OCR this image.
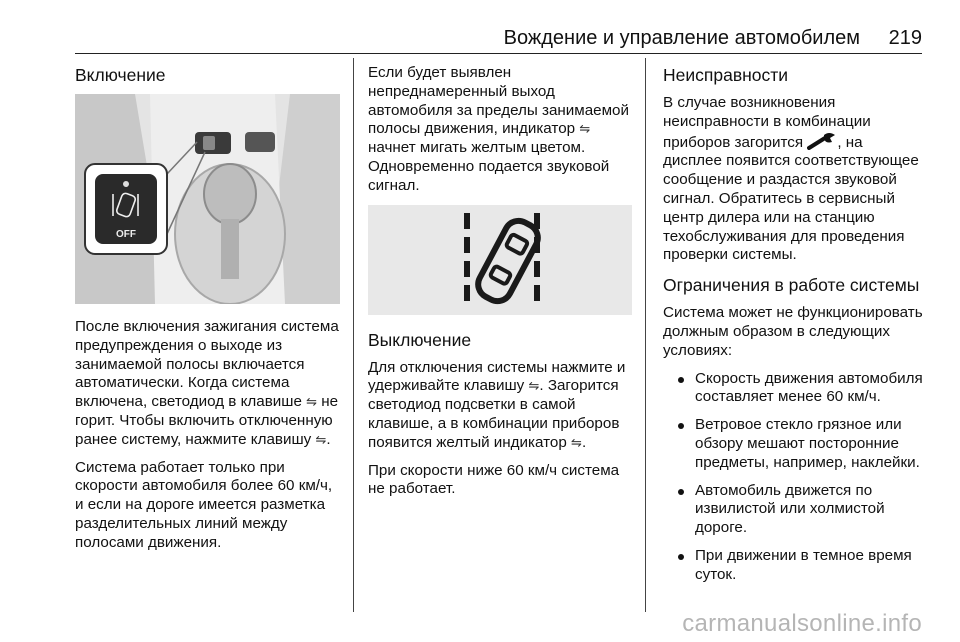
Вождение и управление автомобилем 219
Включение
OFF

После включения зажигания система предупреждения о выходе из занимаемой полосы включается автоматически. Когда система включена, светодиод в клавише ⇋ не горит. Чтобы включить отключенную ранее систему, нажмите клавишу ⇋.

Система работает только при скорости автомобиля более 60 км/ч, и если на дороге имеется разметка разделительных линий между полосами движения.

Если будет выявлен непреднамеренный выход автомобиля за пределы занимаемой полосы движения, индикатор ⇋ начнет мигать желтым цветом. Одновременно подается звуковой сигнал.

Выключение

Для отключения системы нажмите и удерживайте клавишу ⇋. Загорится светодиод подсветки в самой клавише, а в комбинации приборов появится желтый индикатор ⇋.

При скорости ниже 60 км/ч система не работает.

Неисправности

В случае возникновения неисправности в комбинации приборов загорится , на дисплее появится соответствующее сообщение и раздастся звуковой сигнал. Обратитесь в сервисный центр дилера или на станцию техобслуживания для проведения проверки системы.

Ограничения в работе системы

Система может не функционировать должным образом в следующих условиях:

Скорость движения автомобиля составляет менее 60 км/ч.
Ветровое стекло грязное или обзору мешают посторонние предметы, например, наклейки.
Автомобиль движется по извилистой или холмистой дороге.
При движении в темное время суток.
carmanualsonline.info
